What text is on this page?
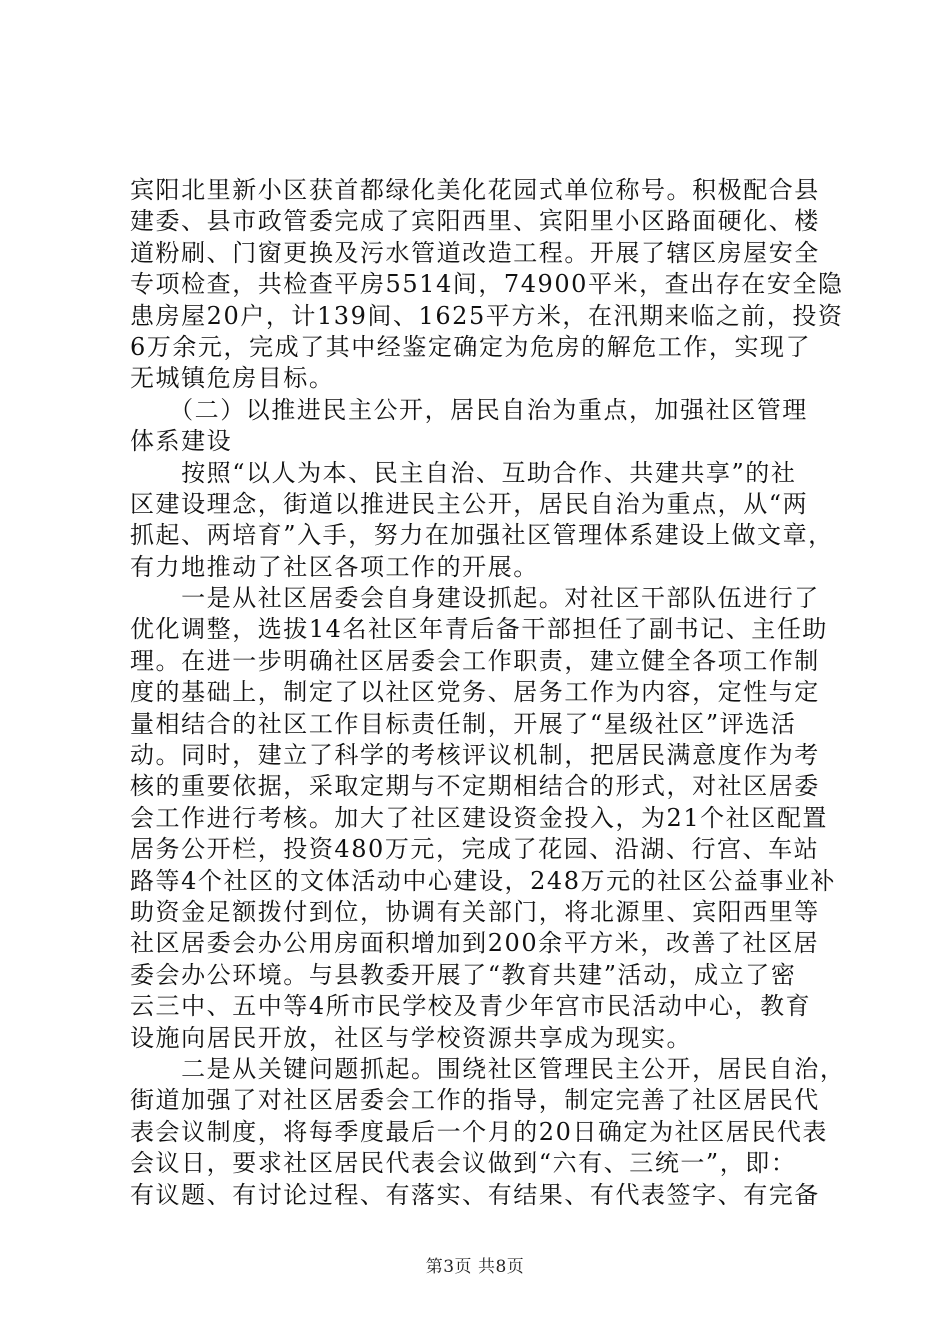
宾阳北里新小区获首都绿化美化花园式单位称号。积极配合县
建委、县市政管委完成了宾阳西里、宾阳里小区路面硬化、楼
道粉刷、门窗更换及污水管道改造工程。开展了辖区房屋安全
专项检查，共检查平房5514间，74900平米，查出存在安全隐
患房屋20户，计139间、1625平方米，在汛期来临之前，投资
6万余元，完成了其中经鉴定确定为危房的解危工作，实现了
无城镇危房目标。
　　（二）以推进民主公开，居民自治为重点，加强社区管理
体系建设
　　按照“以人为本、民主自治、互助合作、共建共享”的社
区建设理念，街道以推进民主公开，居民自治为重点，从“两
抓起、两培育”入手，努力在加强社区管理体系建设上做文章，
有力地推动了社区各项工作的开展。
　　一是从社区居委会自身建设抓起。对社区干部队伍进行了
优化调整，选拔14名社区年青后备干部担任了副书记、主任助
理。在进一步明确社区居委会工作职责，建立健全各项工作制
度的基础上，制定了以社区党务、居务工作为内容，定性与定
量相结合的社区工作目标责任制，开展了“星级社区”评选活
动。同时，建立了科学的考核评议机制，把居民满意度作为考
核的重要依据，采取定期与不定期相结合的形式，对社区居委
会工作进行考核。加大了社区建设资金投入，为21个社区配置
居务公开栏，投资480万元，完成了花园、沿湖、行宫、车站
路等4个社区的文体活动中心建设，248万元的社区公益事业补
助资金足额拨付到位，协调有关部门，将北源里、宾阳西里等
社区居委会办公用房面积增加到200余平方米，改善了社区居
委会办公环境。与县教委开展了“教育共建”活动，成立了密
云三中、五中等4所市民学校及青少年宫市民活动中心，教育
设施向居民开放，社区与学校资源共享成为现实。
　　二是从关键问题抓起。围绕社区管理民主公开，居民自治，
街道加强了对社区居委会工作的指导，制定完善了社区居民代
表会议制度，将每季度最后一个月的20日确定为社区居民代表
会议日，要求社区居民代表会议做到“六有、三统一”，即：
有议题、有讨论过程、有落实、有结果、有代表签字、有完备
第3页 共8页
